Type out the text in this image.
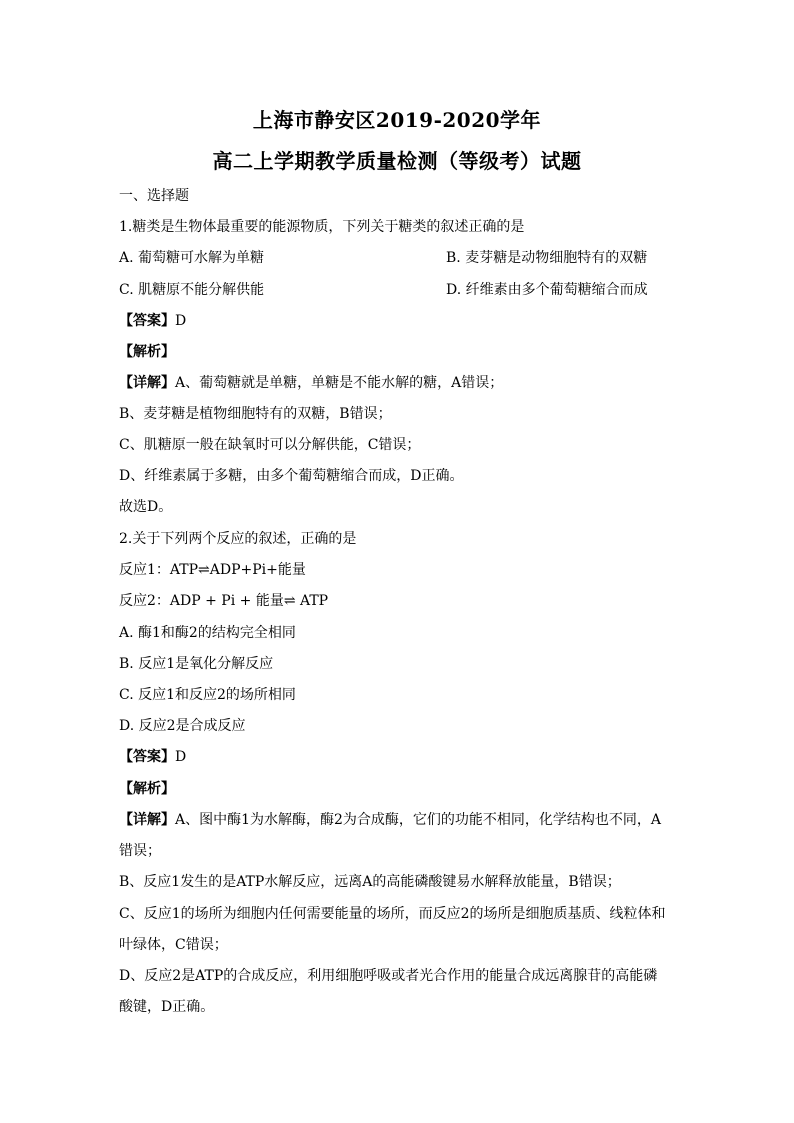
上海市静安区2019-2020学年
高二上学期教学质量检测（等级考）试题
一、选择题
1.糖类是生物体最重要的能源物质，下列关于糖类的叙述正确的是
A. 葡萄糖可水解为单糖	B. 麦芽糖是动物细胞特有的双糖
C. 肌糖原不能分解供能	D. 纤维素由多个葡萄糖缩合而成
【答案】D
【解析】
【详解】A、葡萄糖就是单糖，单糖是不能水解的糖，A错误；
B、麦芽糖是植物细胞特有的双糖，B错误；
C、肌糖原一般在缺氧时可以分解供能，C错误；
D、纤维素属于多糖，由多个葡萄糖缩合而成，D正确。
故选D。
2.关于下列两个反应的叙述，正确的是
反应1：ATP⇌ADP+Pi+能量
反应2：ADP + Pi + 能量⇌ ATP
A. 酶1和酶2的结构完全相同
B. 反应1是氧化分解反应
C. 反应1和反应2的场所相同
D. 反应2是合成反应
【答案】D
【解析】
【详解】A、图中酶1为水解酶，酶2为合成酶，它们的功能不相同，化学结构也不同，A
错误；
B、反应1发生的是ATP水解反应，远离A的高能磷酸键易水解释放能量，B错误；
C、反应1的场所为细胞内任何需要能量的场所，而反应2的场所是细胞质基质、线粒体和
叶绿体，C错误；
D、反应2是ATP的合成反应，利用细胞呼吸或者光合作用的能量合成远离腺苷的高能磷
酸键，D正确。
